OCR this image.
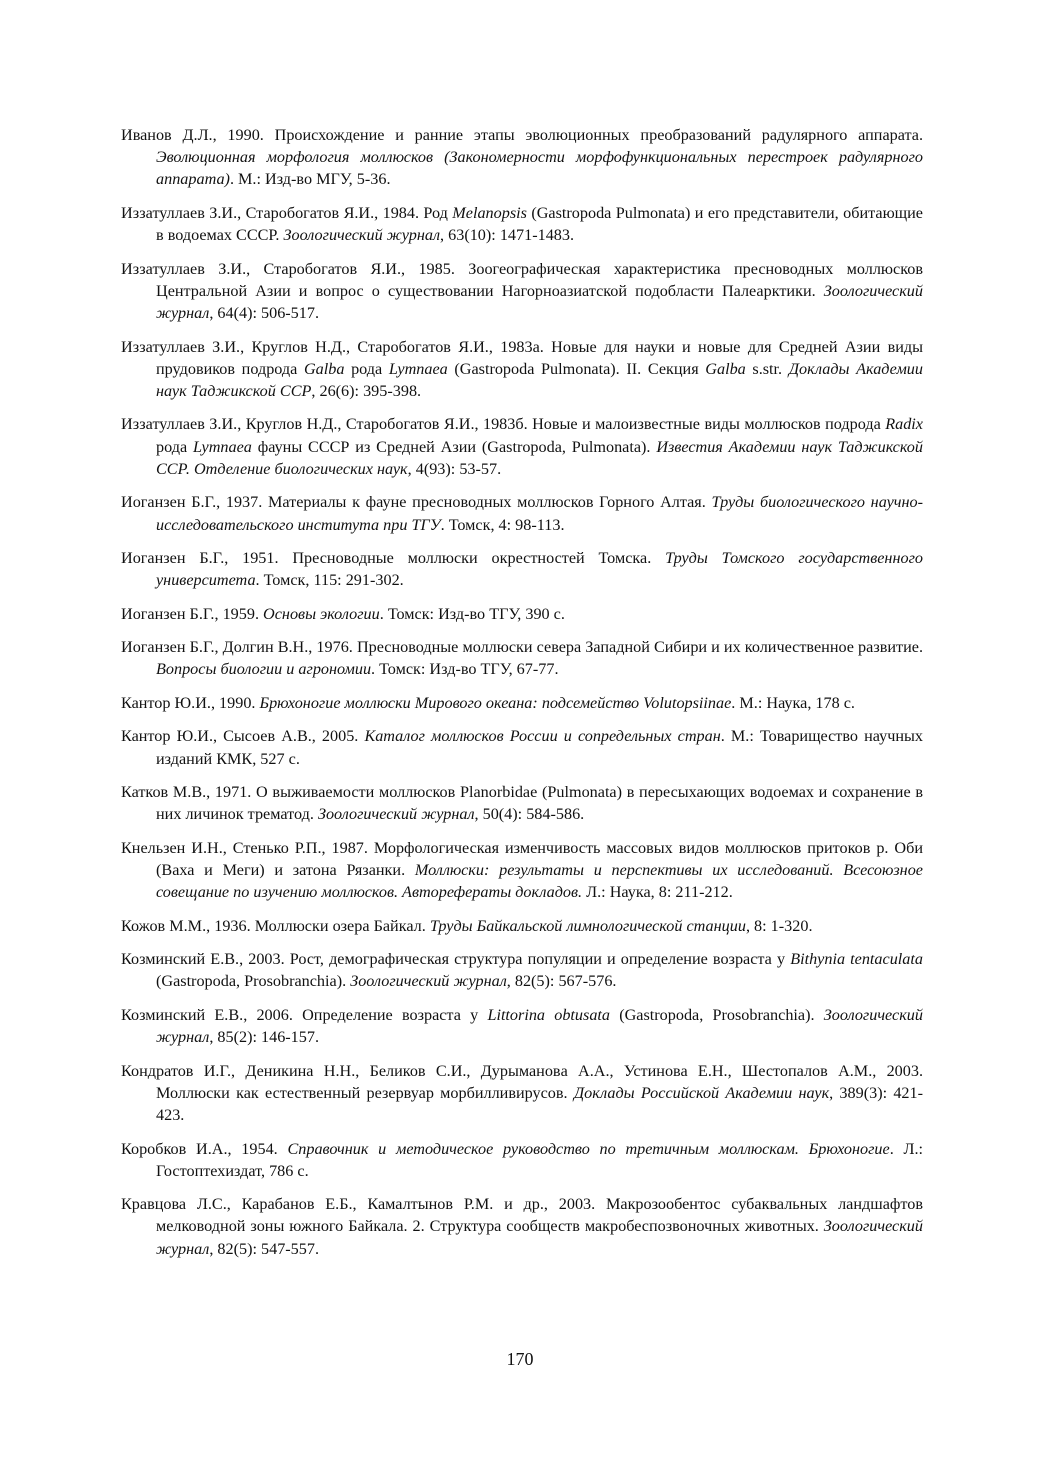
Иванов Д.Л., 1990. Происхождение и ранние этапы эволюционных преобразований радулярного аппарата. Эволюционная морфология моллюсков (Закономерности морфофункциональных перестроек радулярного аппарата). М.: Изд-во МГУ, 5-36.

Иззатуллаев З.И., Старобогатов Я.И., 1984. Род Melanopsis (Gastropoda Pulmonata) и его представители, обитающие в водоемах СССР. Зоологический журнал, 63(10): 1471-1483.

Иззатуллаев З.И., Старобогатов Я.И., 1985. Зоогеографическая характеристика пресноводных моллюсков Центральной Азии и вопрос о существовании Нагорноазиатской подобласти Палеарктики. Зоологический журнал, 64(4): 506-517.

Иззатуллаев З.И., Круглов Н.Д., Старобогатов Я.И., 1983а. Новые для науки и новые для Средней Азии виды прудовиков подрода Galba рода Lymnaea (Gastropoda Pulmonata). II. Секция Galba s.str. Доклады Академии наук Таджикской ССР, 26(6): 395-398.

Иззатуллаев З.И., Круглов Н.Д., Старобогатов Я.И., 1983б. Новые и малоизвестные виды моллюсков подрода Radix рода Lymnaea фауны СССР из Средней Азии (Gastropoda, Pulmonata). Известия Академии наук Таджикской ССР. Отделение биологических наук, 4(93): 53-57.

Иоганзен Б.Г., 1937. Материалы к фауне пресноводных моллюсков Горного Алтая. Труды биологического научно-исследовательского института при ТГУ. Томск, 4: 98-113.

Иоганзен Б.Г., 1951. Пресноводные моллюски окрестностей Томска. Труды Томского государственного университета. Томск, 115: 291-302.

Иоганзен Б.Г., 1959. Основы экологии. Томск: Изд-во ТГУ, 390 с.

Иоганзен Б.Г., Долгин В.Н., 1976. Пресноводные моллюски севера Западной Сибири и их количественное развитие. Вопросы биологии и агрономии. Томск: Изд-во ТГУ, 67-77.

Кантор Ю.И., 1990. Брюхоногие моллюски Мирового океана: подсемейство Volutopsiinae. М.: Наука, 178 с.

Кантор Ю.И., Сысоев А.В., 2005. Каталог моллюсков России и сопредельных стран. М.: Товарищество научных изданий КМК, 527 с.

Катков М.В., 1971. О выживаемости моллюсков Planorbidae (Pulmonata) в пересыхающих водоемах и сохранение в них личинок трематод. Зоологический журнал, 50(4): 584-586.

Кнельзен И.Н., Стенько Р.П., 1987. Морфологическая изменчивость массовых видов моллюсков притоков р. Оби (Ваха и Меги) и затона Рязанки. Моллюски: результаты и перспективы их исследований. Всесоюзное совещание по изучению моллюсков. Авторефераты докладов. Л.: Наука, 8: 211-212.

Кожов М.М., 1936. Моллюски озера Байкал. Труды Байкальской лимнологической станции, 8: 1-320.

Козминский Е.В., 2003. Рост, демографическая структура популяции и определение возраста у Bithynia tentaculata (Gastropoda, Prosobranchia). Зоологический журнал, 82(5): 567-576.

Козминский Е.В., 2006. Определение возраста у Littorina obtusata (Gastropoda, Prosobranchia). Зоологический журнал, 85(2): 146-157.

Кондратов И.Г., Деникина Н.Н., Беликов С.И., Дурымановa А.А., Устинова Е.Н., Шестопалов А.М., 2003. Моллюски как естественный резервуар морбилливирусов. Доклады Российской Академии наук, 389(3): 421-423.

Коробков И.А., 1954. Справочник и методическое руководство по третичным моллюскам. Брюхоногие. Л.: Гостоптехиздат, 786 с.

Кравцова Л.С., Карабанов Е.Б., Камалтынов Р.М. и др., 2003. Макрозообентос субаквальных ландшафтов мелководной зоны южного Байкала. 2. Структура сообществ макробеспозвоночных животных. Зоологический журнал, 82(5): 547-557.

170
